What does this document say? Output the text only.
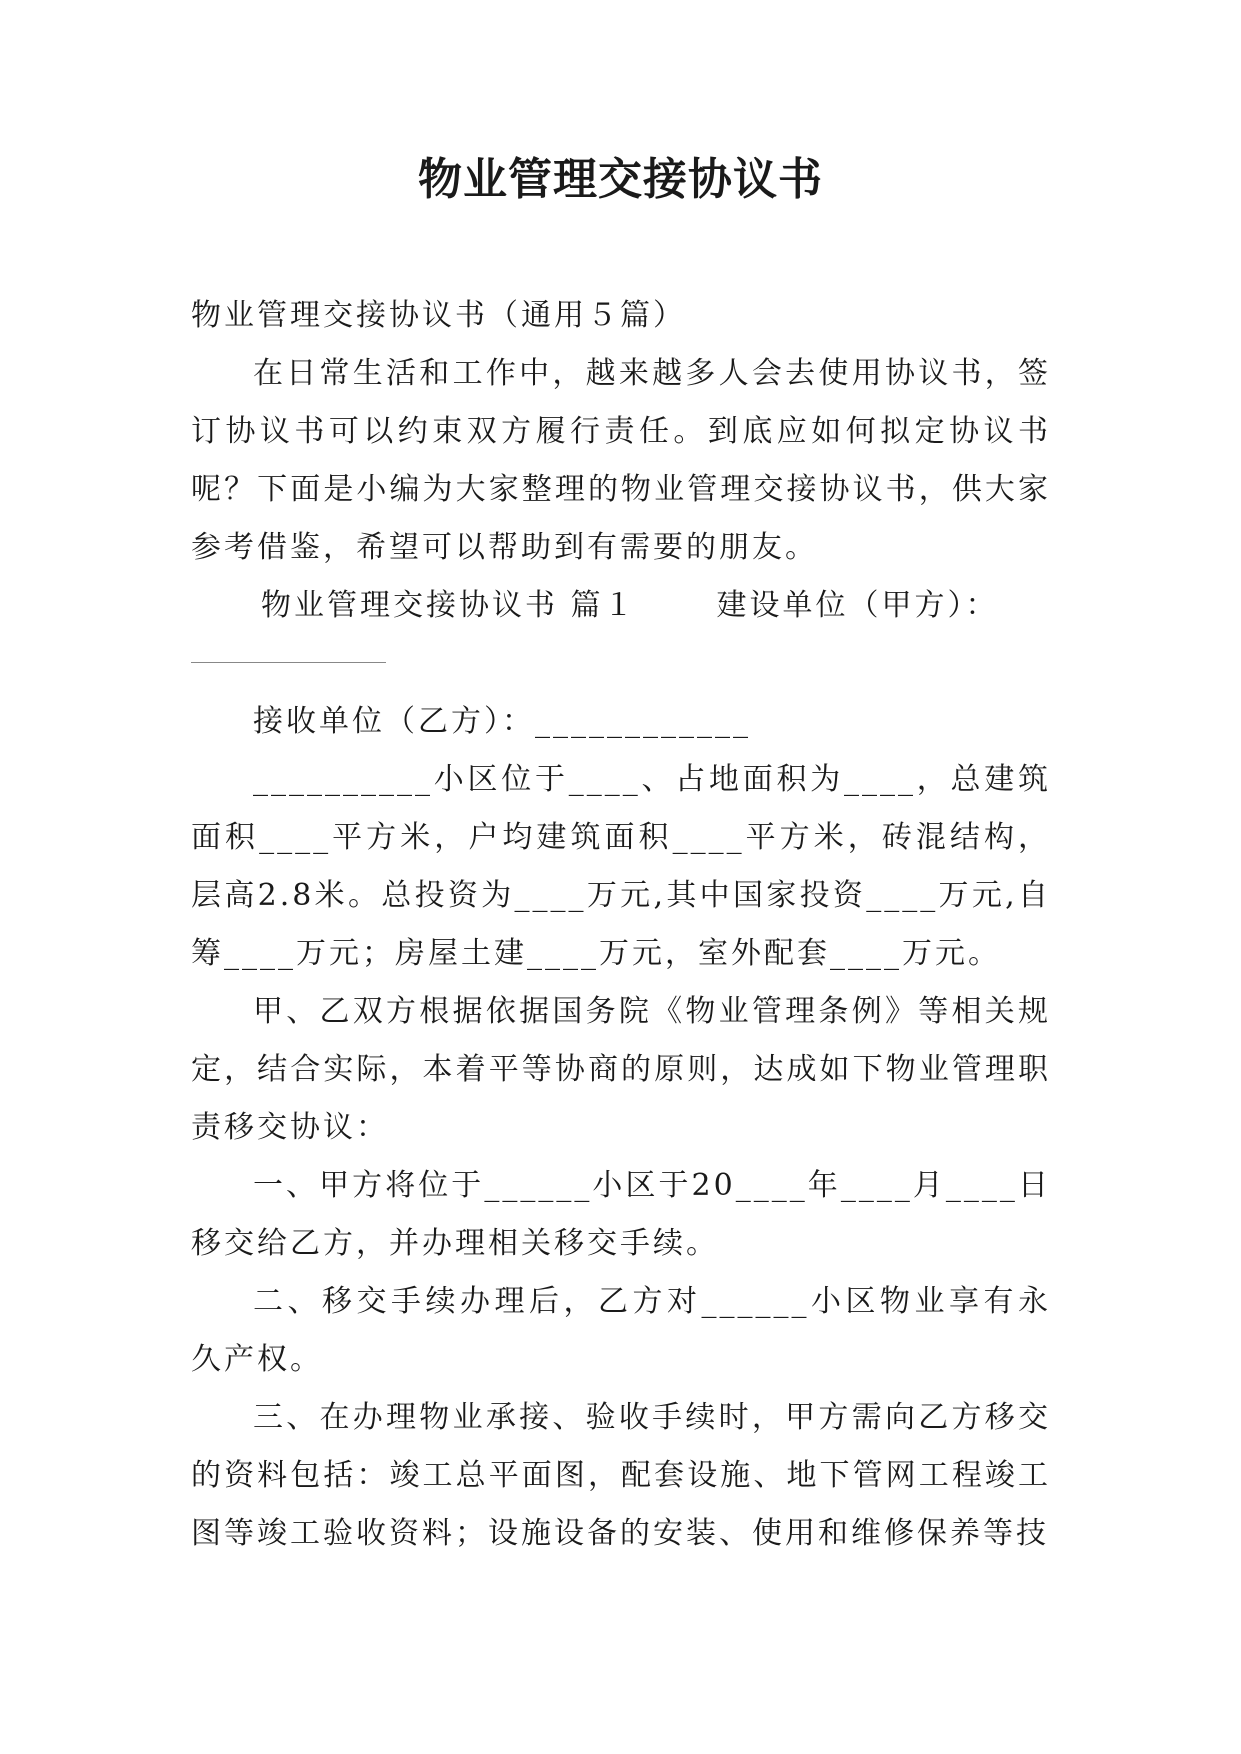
物业管理交接协议书

物业管理交接协议书（通用５篇）

在日常生活和工作中，越来越多人会去使用协议书，签订协议书可以约束双方履行责任。到底应如何拟定协议书呢？下面是小编为大家整理的物业管理交接协议书，供大家参考借鉴，希望可以帮助到有需要的朋友。

物业管理交接协议书 篇１	建设单位（甲方）：

接收单位（乙方）：____________

__________小区位于____、占地面积为____，总建筑面积____平方米，户均建筑面积____平方米，砖混结构，层高2.8米。总投资为____万元,其中国家投资____万元,自筹____万元；房屋土建____万元，室外配套____万元。

甲、乙双方根据依据国务院《物业管理条例》等相关规定，结合实际，本着平等协商的原则，达成如下物业管理职责移交协议：

一、甲方将位于______小区于20____年____月____日移交给乙方，并办理相关移交手续。

二、移交手续办理后，乙方对______小区物业享有永久产权。

三、在办理物业承接、验收手续时，甲方需向乙方移交的资料包括：竣工总平面图，配套设施、地下管网工程竣工图等竣工验收资料；设施设备的安装、使用和维修保养等技
